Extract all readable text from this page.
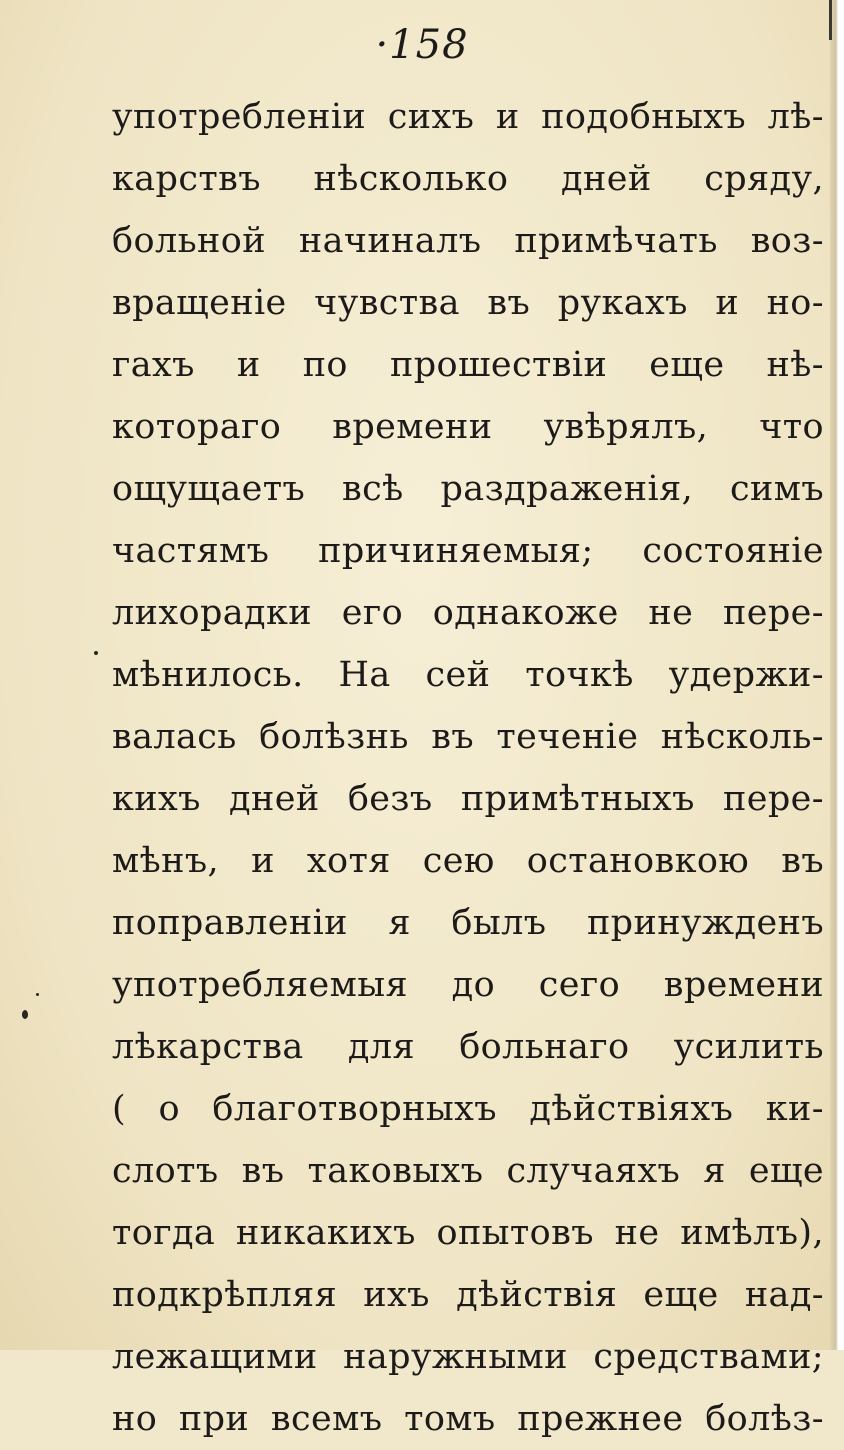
·158
употребленіи сихъ и подобныхъ лѣ-
карствъ нѣсколько дней сряду,
больной начиналъ примѣчать воз-
вращеніе чувства въ рукахъ и но-
гахъ и по прошествіи еще нѣ-
котораго времени увѣрялъ, что
ощущаетъ всѣ раздраженія, симъ
частямъ причиняемыя; состояніе
лихорадки его однакоже не пере-
мѣнилось. На сей точкѣ удержи-
валась болѣзнь въ теченіе нѣсколь-
кихъ дней безъ примѣтныхъ пере-
мѣнъ, и хотя сею остановкою въ
поправленіи я былъ принужденъ
употребляемыя до сего времени
лѣкарства для больнаго усилить
( о благотворныхъ дѣйствіяхъ ки-
слотъ въ таковыхъ случаяхъ я еще
тогда никакихъ опытовъ не имѣлъ),
подкрѣпляя ихъ дѣйствія еще над-
лежащими наружными средствами;
но при всемъ томъ прежнее болѣз-
